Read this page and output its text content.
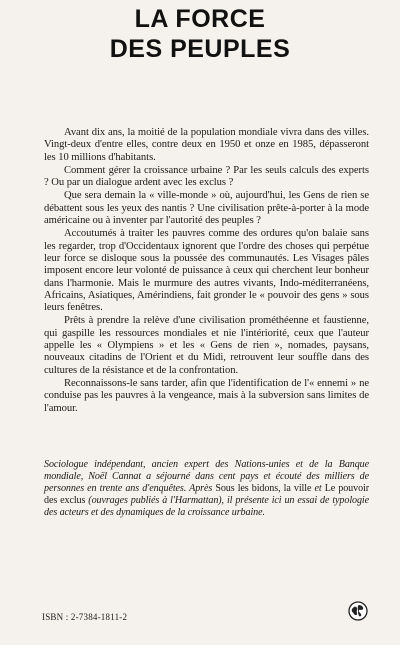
LA FORCE
DES PEUPLES

Avant dix ans, la moitié de la population mondiale vivra dans des villes. Vingt-deux d'entre elles, contre deux en 1950 et onze en 1985, dépasseront les 10 millions d'habitants.

Comment gérer la croissance urbaine ? Par les seuls calculs des experts ? Ou par un dialogue ardent avec les exclus ?

Que sera demain la « ville-monde » où, aujourd'hui, les Gens de rien se débattent sous les yeux des nantis ? Une civilisation prête-à-porter à la mode américaine ou à inventer par l'autorité des peuples ?

Accoutumés à traiter les pauvres comme des ordures qu'on balaie sans les regarder, trop d'Occidentaux ignorent que l'ordre des choses qui perpétue leur force se disloque sous la poussée des communautés. Les Visages pâles imposent encore leur volonté de puissance à ceux qui cherchent leur bonheur dans l'harmonie. Mais le murmure des autres vivants, Indo-méditerranéens, Africains, Asiatiques, Amérindiens, fait gronder le « pouvoir des gens » sous leurs fenêtres.

Prêts à prendre la relève d'une civilisation prométhéenne et faustienne, qui gaspille les ressources mondiales et nie l'intériorité, ceux que l'auteur appelle les « Olympiens » et les « Gens de rien », nomades, paysans, nouveaux citadins de l'Orient et du Midi, retrouvent leur souffle dans des cultures de la résistance et de la confrontation.

Reconnaissons-le sans tarder, afin que l'identification de l'« ennemi » ne conduise pas les pauvres à la vengeance, mais à la subversion sans limites de l'amour.

Sociologue indépendant, ancien expert des Nations-unies et de la Banque mondiale, Noël Cannat a séjourné dans cent pays et écouté des milliers de personnes en trente ans d'enquêtes. Après Sous les bidons, la ville et Le pouvoir des exclus (ouvrages publiés à l'Harmattan), il présente ici un essai de typologie des acteurs et des dynamiques de la croissance urbaine.

ISBN : 2-7384-1811-2
